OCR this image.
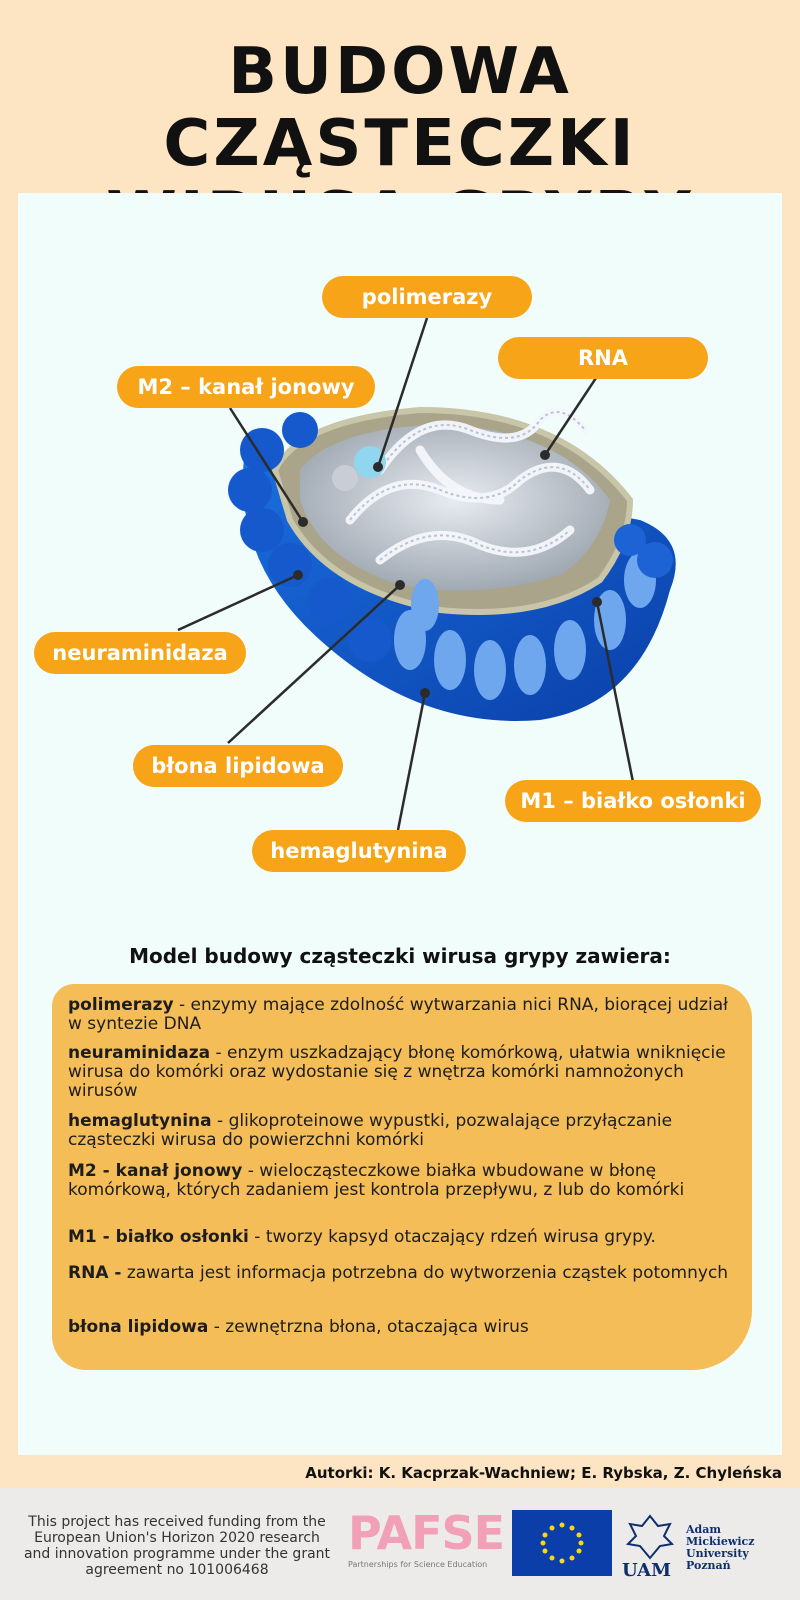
BUDOWA CZĄSTECZKI
polimerazy
RNA
M2 – kanał jonowy
neuraminidaza
błona lipidowa
hemaglutynina
M1 – białko osłonki
Model budowy cząsteczki wirusa grypy zawiera:
polimerazy - enzymy mające zdolność wytwarzania nici RNA, biorącej udział w syntezie DNA
neuraminidaza - enzym uszkadzający błonę komórkową, ułatwia wniknięcie wirusa do komórki oraz wydostanie się z wnętrza komórki namnożonych wirusów
hemaglutynina - glikoproteinowe wypustki, pozwalające przyłączanie cząsteczki wirusa do powierzchni komórki
M2 - kanał jonowy - wielocząsteczkowe białka wbudowane w błonę komórkową, których zadaniem jest kontrola przepływu, z lub do komórki
M1 - białko osłonki - tworzy kapsyd otaczający rdzeń wirusa grypy.
RNA - zawarta jest informacja potrzebna do wytworzenia cząstek potomnych
błona lipidowa - zewnętrzna błona, otaczająca wirus
Autorki: K. Kacprzak-Wachniew; E. Rybska, Z. Chyleńska
This project has received funding from the European Union's Horizon 2020 research and innovation programme under the grant agreement no 101006468
PAFSE
Partnerships for Science Education	UAM
Adam Mickiewicz
University
Poznań
